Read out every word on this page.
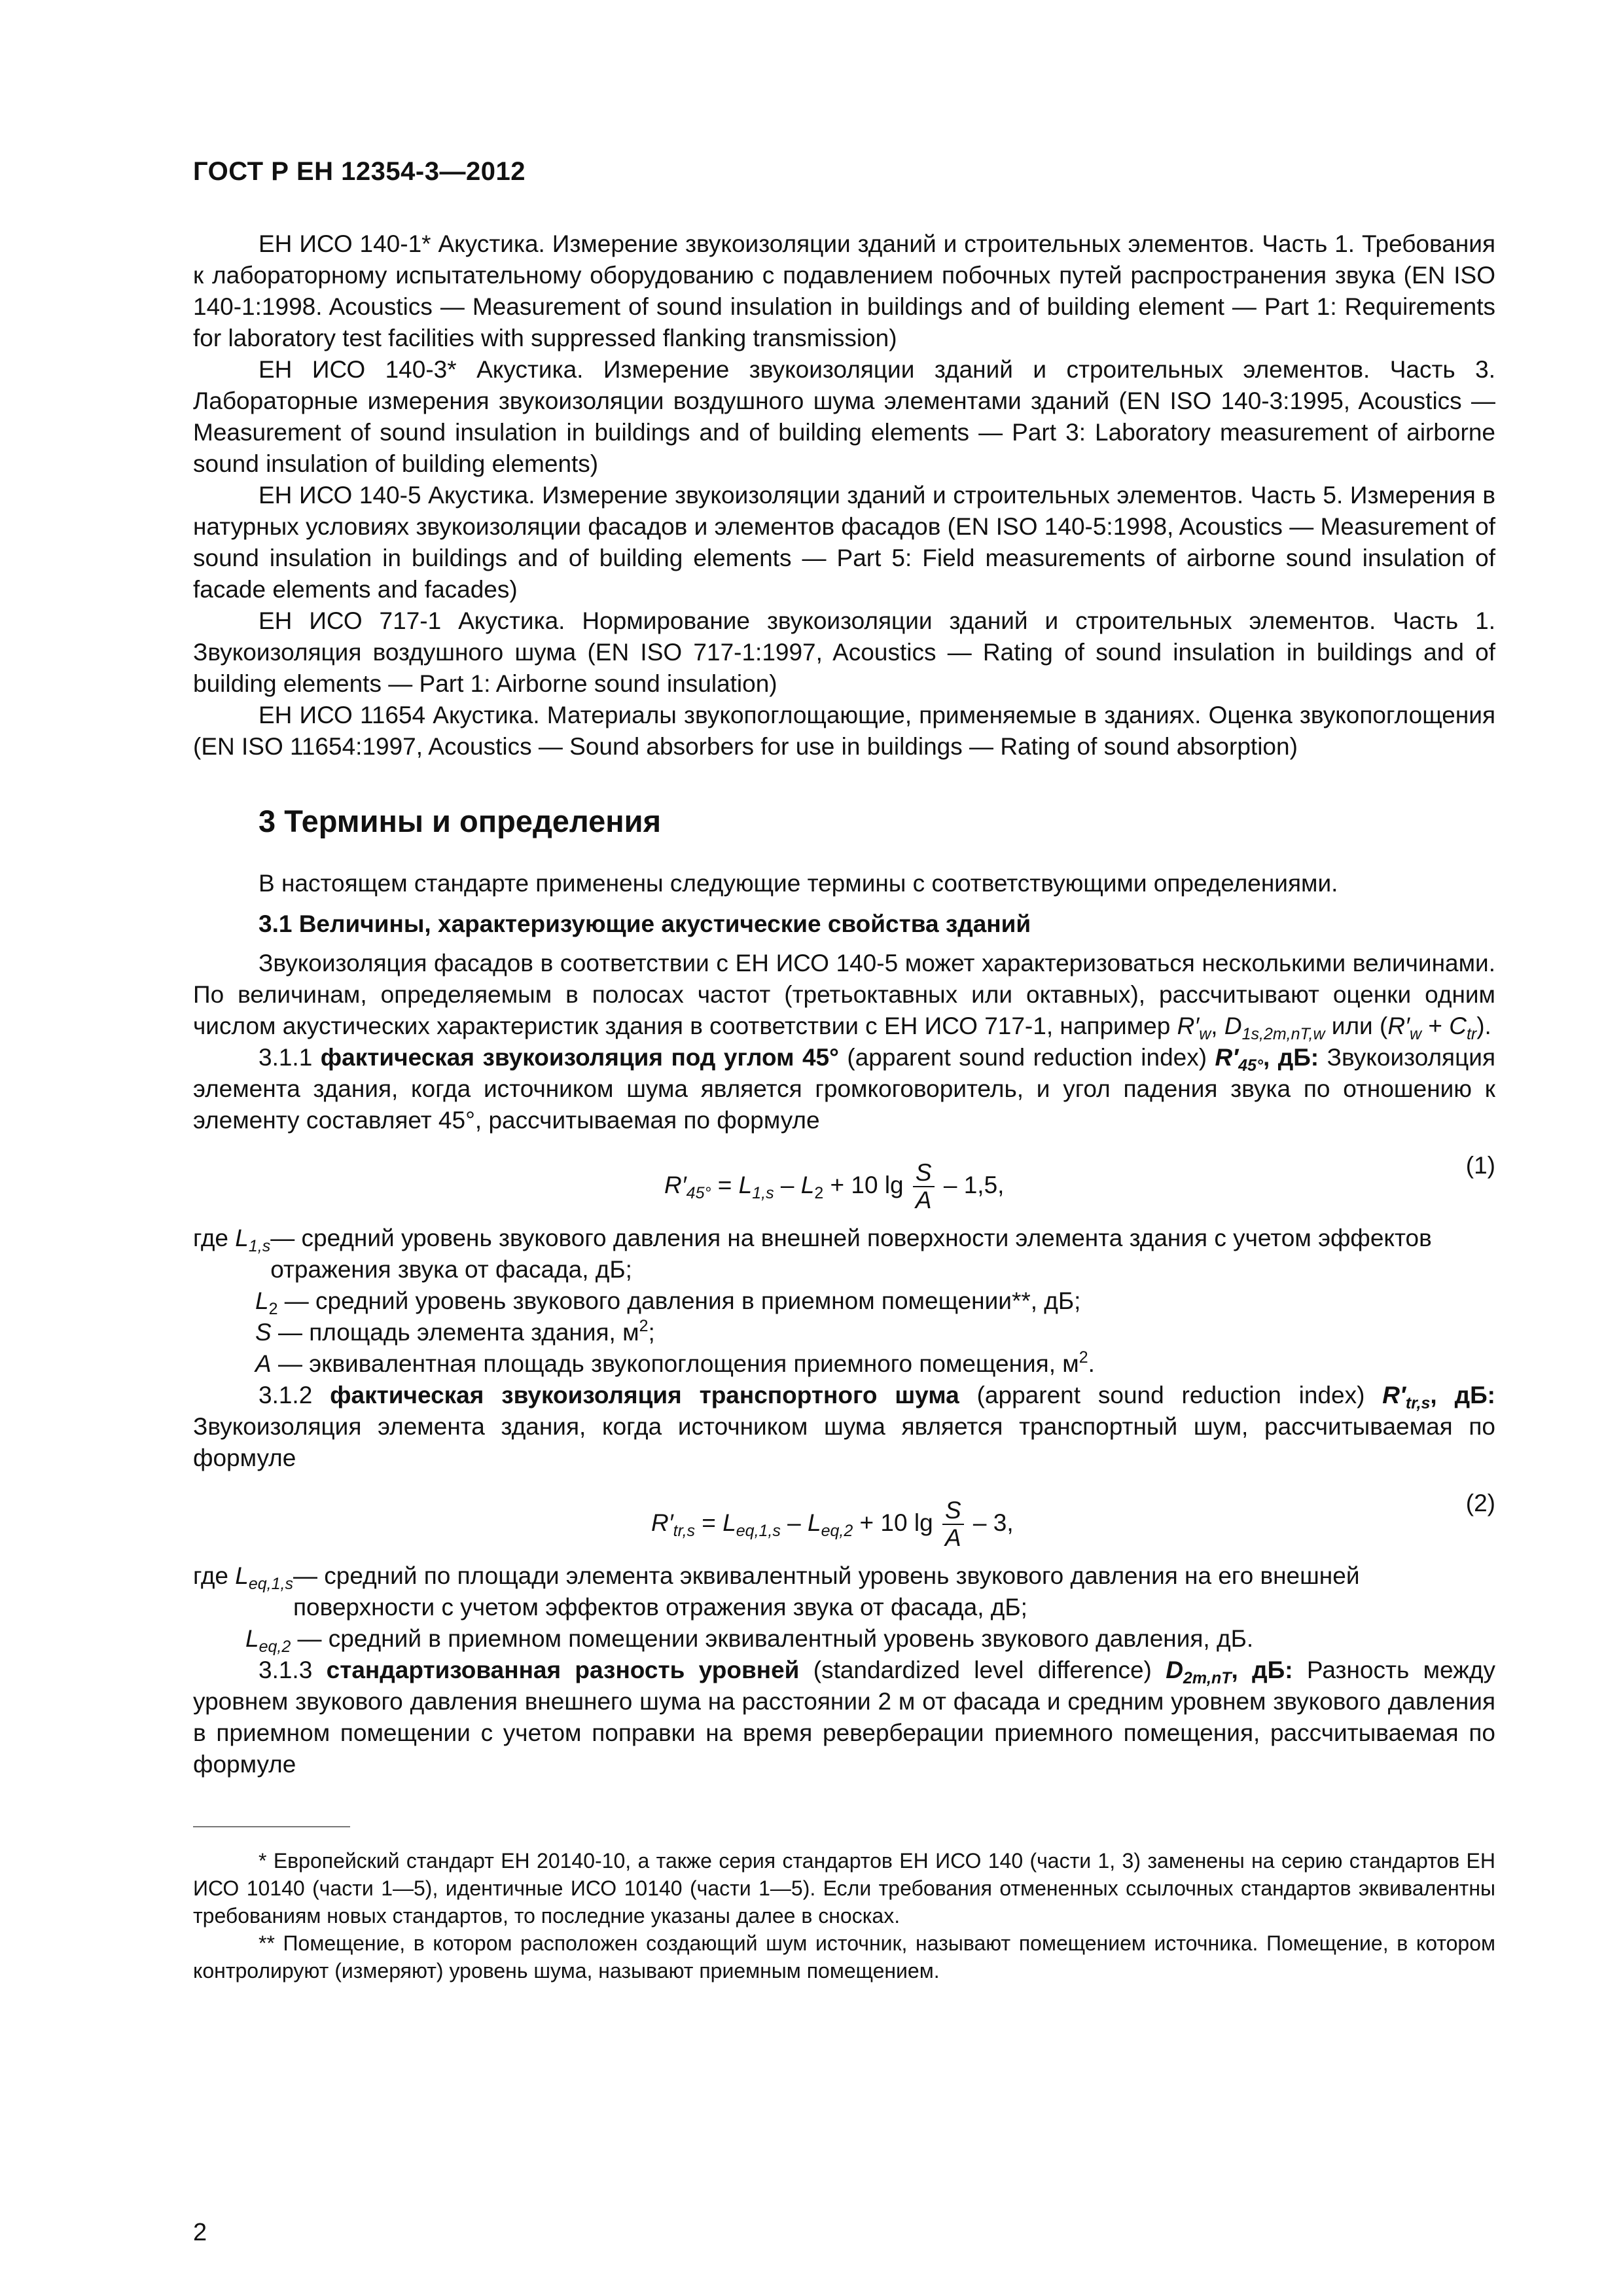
ГОСТ Р ЕН 12354-3—2012

ЕН ИСО 140-1* Акустика. Измерение звукоизоляции зданий и строительных элементов. Часть 1. Требования к лабораторному испытательному оборудованию с подавлением побочных путей распространения звука (EN ISO 140-1:1998. Acoustics — Measurement of sound insulation in buildings and of building element — Part 1: Requirements for laboratory test facilities with suppressed flanking transmission)

ЕН ИСО 140-3* Акустика. Измерение звукоизоляции зданий и строительных элементов. Часть 3. Лабораторные измерения звукоизоляции воздушного шума элементами зданий (EN ISO 140-3:1995, Acoustics — Measurement of sound insulation in buildings and of building elements — Part 3: Laboratory measurement of airborne sound insulation of building elements)

ЕН ИСО 140-5 Акустика. Измерение звукоизоляции зданий и строительных элементов. Часть 5. Измерения в натурных условиях звукоизоляции фасадов и элементов фасадов (EN ISO 140-5:1998, Acoustics — Measurement of sound insulation in buildings and of building elements — Part 5: Field measurements of airborne sound insulation of facade elements and facades)

ЕН ИСО 717-1 Акустика. Нормирование звукоизоляции зданий и строительных элементов. Часть 1. Звукоизоляция воздушного шума (EN ISO 717-1:1997, Acoustics — Rating of sound insulation in buildings and of building elements — Part 1: Airborne sound insulation)

ЕН ИСО 11654 Акустика. Материалы звукопоглощающие, применяемые в зданиях. Оценка звукопоглощения (EN ISO 11654:1997, Acoustics — Sound absorbers for use in buildings — Rating of sound absorption)

3 Термины и определения

В настоящем стандарте применены следующие термины с соответствующими определениями.

3.1 Величины, характеризующие акустические свойства зданий

Звукоизоляция фасадов в соответствии с ЕН ИСО 140-5 может характеризоваться несколькими величинами. По величинам, определяемым в полосах частот (третьоктавных или октавных), рассчитывают оценки одним числом акустических характеристик здания в соответствии с ЕН ИСО 717-1, например $R'_w$, $D_{1s,2m,nT,w}$ или $(R'_w + C_{tr})$.

3.1.1 фактическая звукоизоляция под углом 45° (apparent sound reduction index) $R'_{45^\circ}$, дБ: Звукоизоляция элемента здания, когда источником шума является громкоговоритель, и угол падения звука по отношению к элементу составляет 45°, рассчитываемая по формуле

$R'_{45^\circ} = L_{1,s} - L_2 + 10$ $\lg \frac{S}{A} - 1,5$,
(1)
где $L_{1,s}$ — средний уровень звукового давления на внешней поверхности элемента здания с учетом эффектов отражения звука от фасада, дБ;

$L_2$ — средний уровень звукового давления в приемном помещении**, дБ;

S — площадь элемента здания, $м^2$;

A — эквивалентная площадь звукопоглощения приемного помещения, $м^2$.

3.1.2 фактическая звукоизоляция транспортного шума (apparent sound reduction index) $R'_{tr,s}$, дБ: Звукоизоляция элемента здания, когда источником шума является транспортный шум, рассчитываемая по формуле

$R'_{tr,s} = L_{eq,1,s} - L_{eq,2} + 10$ $\lg \frac{S}{A} - 3$,
(2)
где $L_{eq,1,s}$ — средний по площади элемента эквивалентный уровень звукового давления на его внешней поверхности с учетом эффектов отражения звука от фасада, дБ;

$L_{eq,2}$ — средний в приемном помещении эквивалентный уровень звукового давления, дБ.

3.1.3 стандартизованная разность уровней (standardized level difference) $D_{2m,nT}$, дБ: Разность между уровнем звукового давления внешнего шума на расстоянии 2 м от фасада и средним уровнем звукового давления в приемном помещении с учетом поправки на время реверберации приемного помещения, рассчитываемая по формуле

* Европейский стандарт ЕН 20140-10, а также серия стандартов ЕН ИСО 140 (части 1, 3) заменены на серию стандартов ЕН ИСО 10140 (части 1—5), идентичные ИСО 10140 (части 1—5). Если требования отмененных ссылочных стандартов эквивалентны требованиям новых стандартов, то последние указаны далее в сносках.

** Помещение, в котором расположен создающий шум источник, называют помещением источника. Помещение, в котором контролируют (измеряют) уровень шума, называют приемным помещением.

2
